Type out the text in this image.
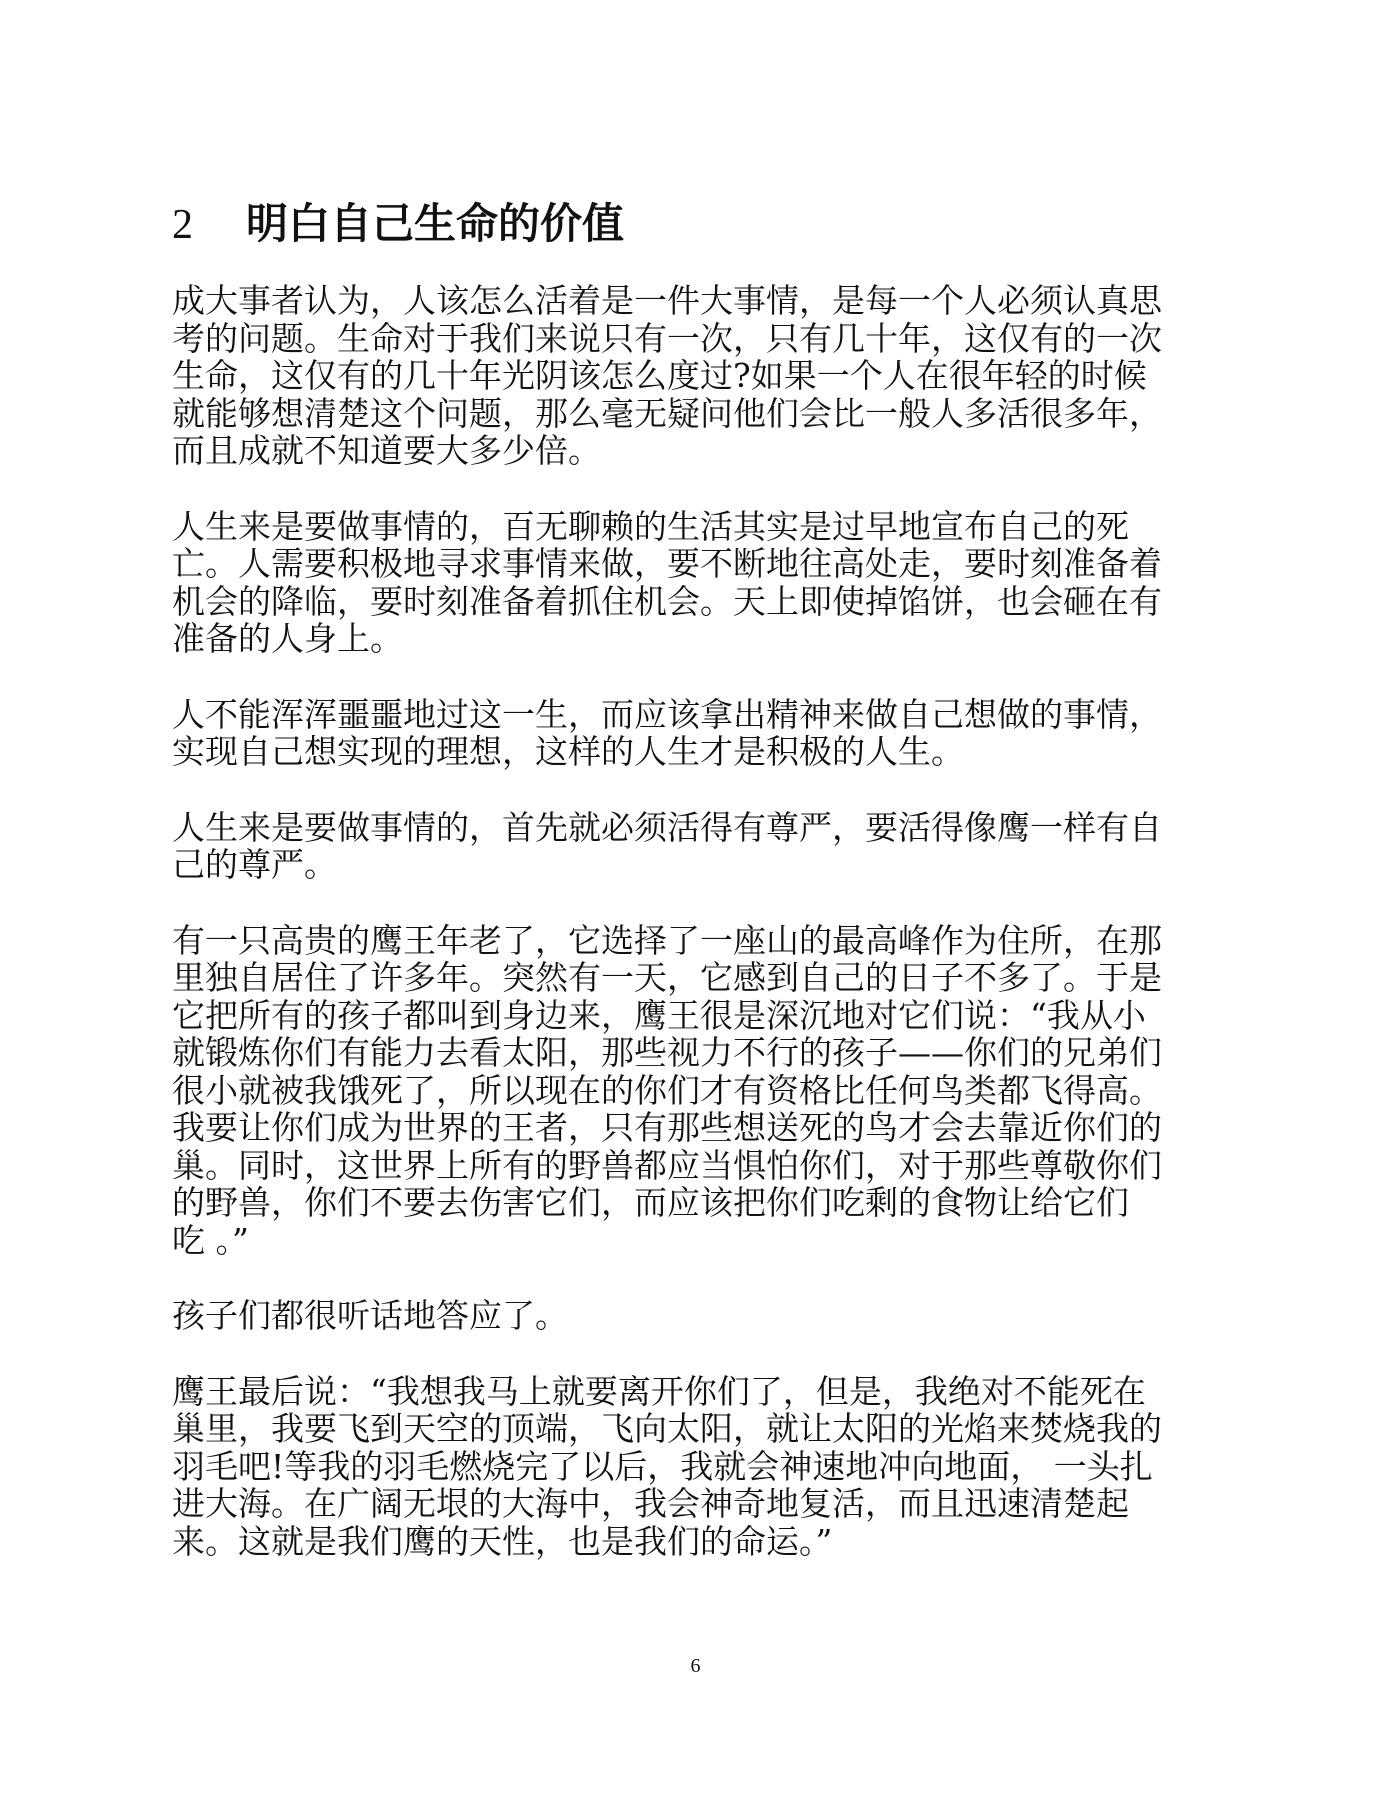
2 明白自己生命的价值

成大事者认为，人该怎么活着是一件大事情，是每一个人必须认真思
考的问题。生命对于我们来说只有一次，只有几十年，这仅有的一次
生命，这仅有的几十年光阴该怎么度过?如果一个人在很年轻的时候
就能够想清楚这个问题，那么毫无疑问他们会比一般人多活很多年，
而且成就不知道要大多少倍。

人生来是要做事情的，百无聊赖的生活其实是过早地宣布自己的死
亡。人需要积极地寻求事情来做，要不断地往高处走，要时刻准备着
机会的降临，要时刻准备着抓住机会。天上即使掉馅饼，也会砸在有
准备的人身上。

人不能浑浑噩噩地过这一生，而应该拿出精神来做自己想做的事情，
实现自己想实现的理想，这样的人生才是积极的人生。

人生来是要做事情的，首先就必须活得有尊严，要活得像鹰一样有自
己的尊严。

有一只高贵的鹰王年老了，它选择了一座山的最高峰作为住所，在那
里独自居住了许多年。突然有一天，它感到自己的日子不多了。于是
它把所有的孩子都叫到身边来，鹰王很是深沉地对它们说：“我从小
就锻炼你们有能力去看太阳，那些视力不行的孩子——你们的兄弟们
很小就被我饿死了，所以现在的你们才有资格比任何鸟类都飞得高。
我要让你们成为世界的王者，只有那些想送死的鸟才会去靠近你们的
巢。同时，这世界上所有的野兽都应当惧怕你们，对于那些尊敬你们
的野兽，你们不要去伤害它们，而应该把你们吃剩的食物让给它们
吃 。”

孩子们都很听话地答应了。

鹰王最后说：“我想我马上就要离开你们了，但是，我绝对不能死在
巢里，我要飞到天空的顶端，飞向太阳，就让太阳的光焰来焚烧我的
羽毛吧!等我的羽毛燃烧完了以后，我就会神速地冲向地面， 一头扎
进大海。在广阔无垠的大海中，我会神奇地复活，而且迅速清楚起
来。这就是我们鹰的天性，也是我们的命运。”

6
